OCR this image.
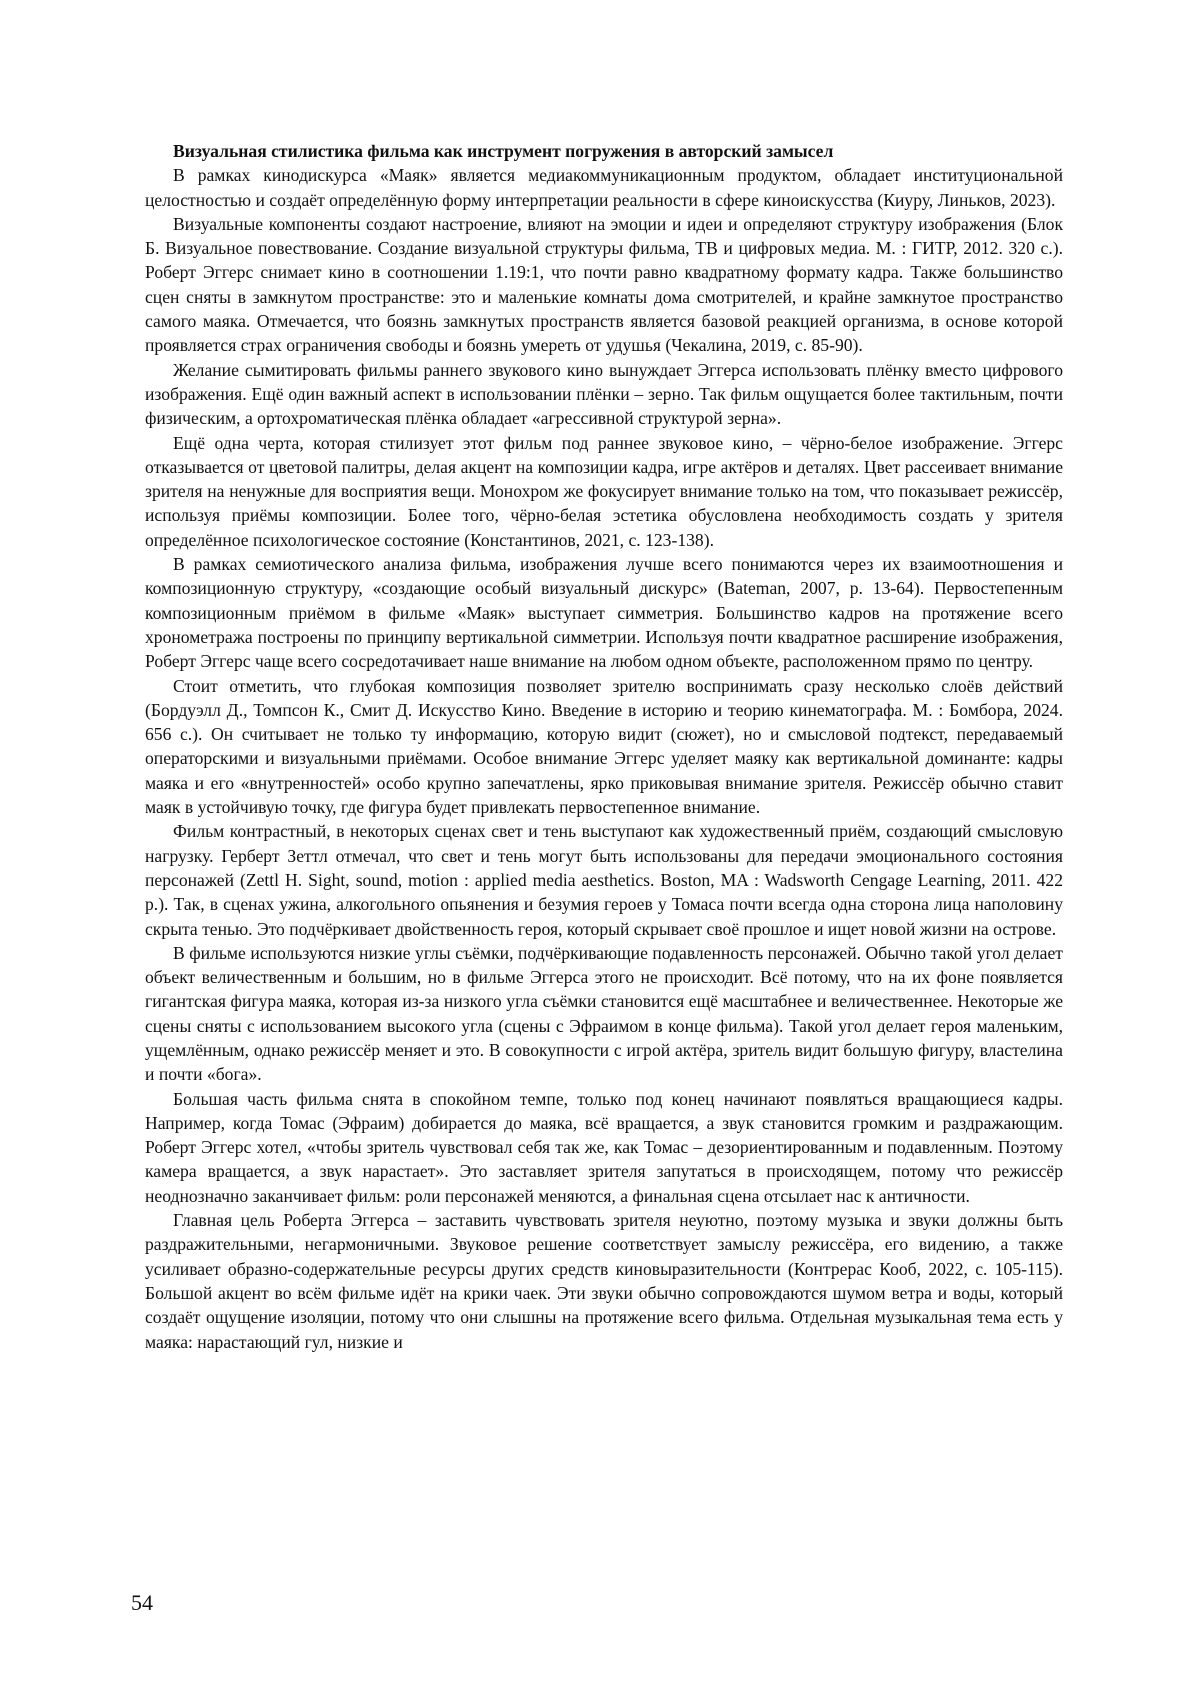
Визуальная стилистика фильма как инструмент погружения в авторский замысел

В рамках кинодискурса «Маяк» является медиакоммуникационным продуктом, обладает институциональной целостностью и создаёт определённую форму интерпретации реальности в сфере киноискусства (Киуру, Линьков, 2023).

Визуальные компоненты создают настроение, влияют на эмоции и идеи и определяют структуру изображения (Блок Б. Визуальное повествование. Создание визуальной структуры фильма, ТВ и цифровых медиа. М. : ГИТР, 2012. 320 с.). Роберт Эггерс снимает кино в соотношении 1.19:1, что почти равно квадратному формату кадра. Также большинство сцен сняты в замкнутом пространстве: это и маленькие комнаты дома смотрителей, и крайне замкнутое пространство самого маяка. Отмечается, что боязнь замкнутых пространств является базовой реакцией организма, в основе которой проявляется страх ограничения свободы и боязнь умереть от удушья (Чекалина, 2019, с. 85-90).

Желание сымитировать фильмы раннего звукового кино вынуждает Эггерса использовать плёнку вместо цифрового изображения. Ещё один важный аспект в использовании плёнки – зерно. Так фильм ощущается более тактильным, почти физическим, а ортохроматическая плёнка обладает «агрессивной структурой зерна».

Ещё одна черта, которая стилизует этот фильм под раннее звуковое кино, – чёрно-белое изображение. Эггерс отказывается от цветовой палитры, делая акцент на композиции кадра, игре актёров и деталях. Цвет рассеивает внимание зрителя на ненужные для восприятия вещи. Монохром же фокусирует внимание только на том, что показывает режиссёр, используя приёмы композиции. Более того, чёрно-белая эстетика обусловлена необходимость создать у зрителя определённое психологическое состояние (Константинов, 2021, с. 123-138).

В рамках семиотического анализа фильма, изображения лучше всего понимаются через их взаимоотношения и композиционную структуру, «создающие особый визуальный дискурс» (Bateman, 2007, p. 13-64). Первостепенным композиционным приёмом в фильме «Маяк» выступает симметрия. Большинство кадров на протяжение всего хронометража построены по принципу вертикальной симметрии. Используя почти квадратное расширение изображения, Роберт Эггерс чаще всего сосредотачивает наше внимание на любом одном объекте, расположенном прямо по центру.

Стоит отметить, что глубокая композиция позволяет зрителю воспринимать сразу несколько слоёв действий (Бордуэлл Д., Томпсон К., Смит Д. Искусство Кино. Введение в историю и теорию кинематографа. М. : Бомбора, 2024. 656 с.). Он считывает не только ту информацию, которую видит (сюжет), но и смысловой подтекст, передаваемый операторскими и визуальными приёмами. Особое внимание Эггерс уделяет маяку как вертикальной доминанте: кадры маяка и его «внутренностей» особо крупно запечатлены, ярко приковывая внимание зрителя. Режиссёр обычно ставит маяк в устойчивую точку, где фигура будет привлекать первостепенное внимание.

Фильм контрастный, в некоторых сценах свет и тень выступают как художественный приём, создающий смысловую нагрузку. Герберт Зеттл отмечал, что свет и тень могут быть использованы для передачи эмоционального состояния персонажей (Zettl H. Sight, sound, motion : applied media aesthetics. Boston, MA : Wadsworth Cengage Learning, 2011. 422 p.). Так, в сценах ужина, алкогольного опьянения и безумия героев у Томаса почти всегда одна сторона лица наполовину скрыта тенью. Это подчёркивает двойственность героя, который скрывает своё прошлое и ищет новой жизни на острове.

В фильме используются низкие углы съёмки, подчёркивающие подавленность персонажей. Обычно такой угол делает объект величественным и большим, но в фильме Эггерса этого не происходит. Всё потому, что на их фоне появляется гигантская фигура маяка, которая из-за низкого угла съёмки становится ещё масштабнее и величественнее. Некоторые же сцены сняты с использованием высокого угла (сцены с Эфраимом в конце фильма). Такой угол делает героя маленьким, ущемлённым, однако режиссёр меняет и это. В совокупности с игрой актёра, зритель видит большую фигуру, властелина и почти «бога».

Большая часть фильма снята в спокойном темпе, только под конец начинают появляться вращающиеся кадры. Например, когда Томас (Эфраим) добирается до маяка, всё вращается, а звук становится громким и раздражающим. Роберт Эггерс хотел, «чтобы зритель чувствовал себя так же, как Томас – дезориентированным и подавленным. Поэтому камера вращается, а звук нарастает». Это заставляет зрителя запутаться в происходящем, потому что режиссёр неоднозначно заканчивает фильм: роли персонажей меняются, а финальная сцена отсылает нас к античности.

Главная цель Роберта Эггерса – заставить чувствовать зрителя неуютно, поэтому музыка и звуки должны быть раздражительными, негармоничными. Звуковое решение соответствует замыслу режиссёра, его видению, а также усиливает образно-содержательные ресурсы других средств киновыразительности (Контрерас Кооб, 2022, с. 105-115). Большой акцент во всём фильме идёт на крики чаек. Эти звуки обычно сопровождаются шумом ветра и воды, который создаёт ощущение изоляции, потому что они слышны на протяжение всего фильма. Отдельная музыкальная тема есть у маяка: нарастающий гул, низкие и

54
